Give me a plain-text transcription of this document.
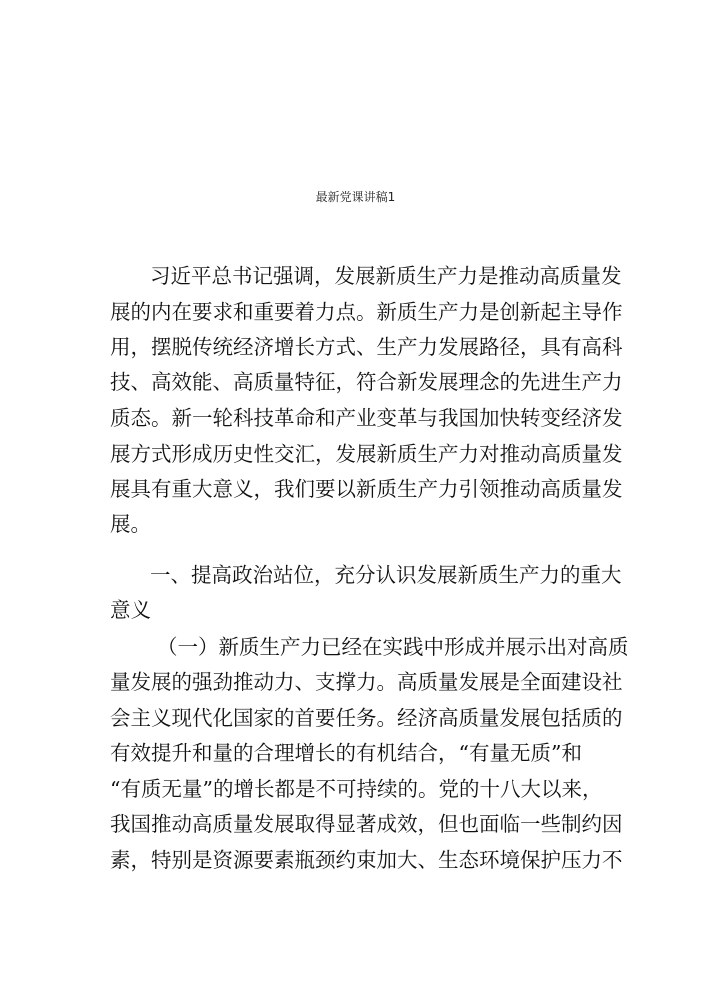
最新党课讲稿1
习近平总书记强调，发展新质生产力是推动高质量发
展的内在要求和重要着力点。新质生产力是创新起主导作
用，摆脱传统经济增长方式、生产力发展路径，具有高科
技、高效能、高质量特征，符合新发展理念的先进生产力
质态。新一轮科技革命和产业变革与我国加快转变经济发
展方式形成历史性交汇，发展新质生产力对推动高质量发
展具有重大意义，我们要以新质生产力引领推动高质量发
展。
一、提高政治站位，充分认识发展新质生产力的重大
意义
（一）新质生产力已经在实践中形成并展示出对高质
量发展的强劲推动力、支撑力。高质量发展是全面建设社
会主义现代化国家的首要任务。经济高质量发展包括质的
有效提升和量的合理增长的有机结合，“有量无质”和
“有质无量”的增长都是不可持续的。党的十八大以来，
我国推动高质量发展取得显著成效，但也面临一些制约因
素，特别是资源要素瓶颈约束加大、生态环境保护压力不
